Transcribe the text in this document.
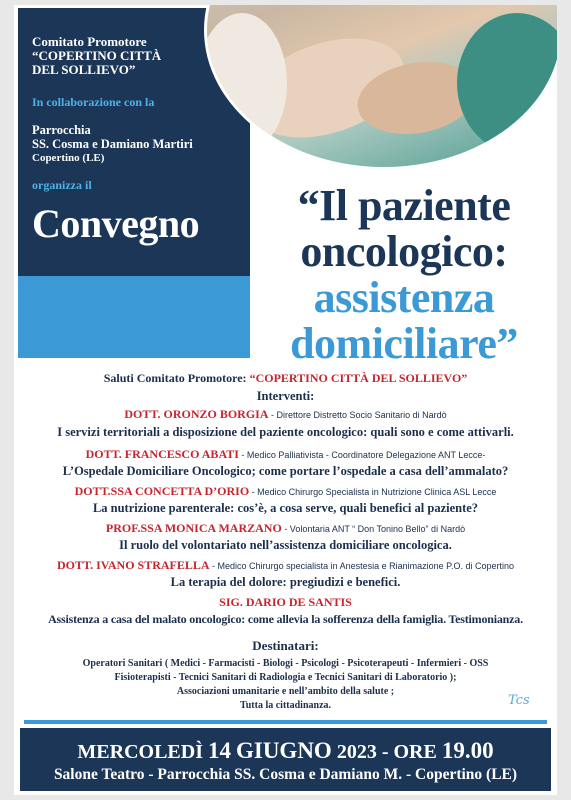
Comitato Promotore
“COPERTINO CITTÀ
DEL SOLLIEVO”
In collaborazione con la
Parrocchia
SS. Cosma e Damiano Martiri
Copertino (LE)
organizza il
Convegno	“Il paziente
oncologico:
assistenza
domiciliare”
Saluti Comitato Promotore: “COPERTINO CITTÀ DEL SOLLIEVO”
Interventi:
DOTT. ORONZO BORGIA - Direttore Distretto Socio Sanitario di Nardò
I servizi territoriali a disposizione del paziente oncologico: quali sono e come attivarli.
DOTT. FRANCESCO ABATI - Medico Palliativista - Coordinatore Delegazione ANT Lecce-
L’Ospedale Domiciliare Oncologico; come portare l’ospedale a casa dell’ammalato?
DOTT.SSA CONCETTA D’ORIO - Medico Chirurgo Specialista in Nutrizione Clinica ASL Lecce
La nutrizione parenterale: cos’è, a cosa serve, quali benefici al paziente?
PROF.SSA MONICA MARZANO - Volontaria ANT “ Don Tonino Bello” di Nardò
Il ruolo del volontariato nell’assistenza domiciliare oncologica.
DOTT. IVANO STRAFELLA - Medico Chirurgo specialista in Anestesia e Rianimazione P.O. di Copertino
La terapia del dolore: pregiudizi e benefici.
SIG. DARIO DE SANTIS
Assistenza a casa del malato oncologico: come allevia la sofferenza della famiglia. Testimonianza.
Destinatari:
Operatori Sanitari ( Medici - Farmacisti - Biologi - Psicologi - Psicoterapeuti - Infermieri - OSS
Fisioterapisti - Tecnici Sanitari di Radiologia e Tecnici Sanitari di Laboratorio );
Associazioni umanitarie e nell’ambito della salute ;
Tutta la cittadinanza.	Tcs
MERCOLEDÌ 14 GIUGNO 2023 - ORE 19.00
Salone Teatro - Parrocchia SS. Cosma e Damiano M. - Copertino (LE)
